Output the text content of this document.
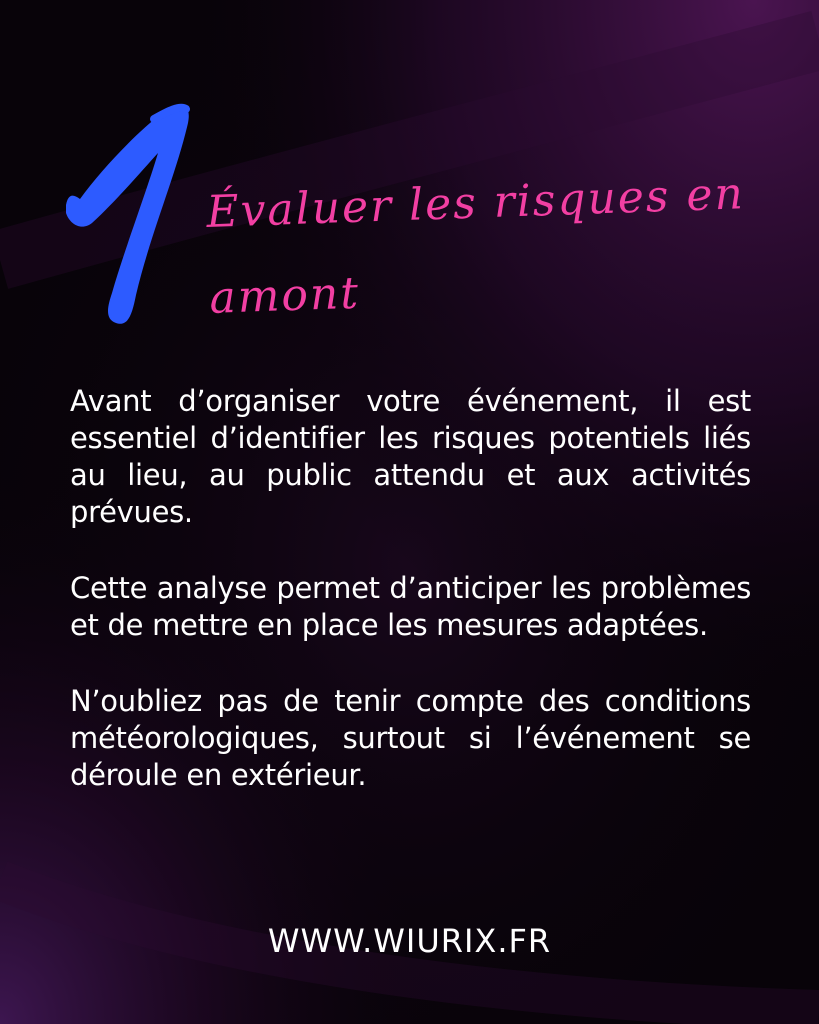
Évaluer les risques en amont

Avant d’organiser votre événement, il est essentiel d’identifier les risques potentiels liés au lieu, au public attendu et aux activités prévues.

Cette analyse permet d’anticiper les problèmes et de mettre en place les mesures adaptées.

N’oubliez pas de tenir compte des conditions météorologiques, surtout si l’événement se déroule en extérieur.

WWW.WIURIX.FR
